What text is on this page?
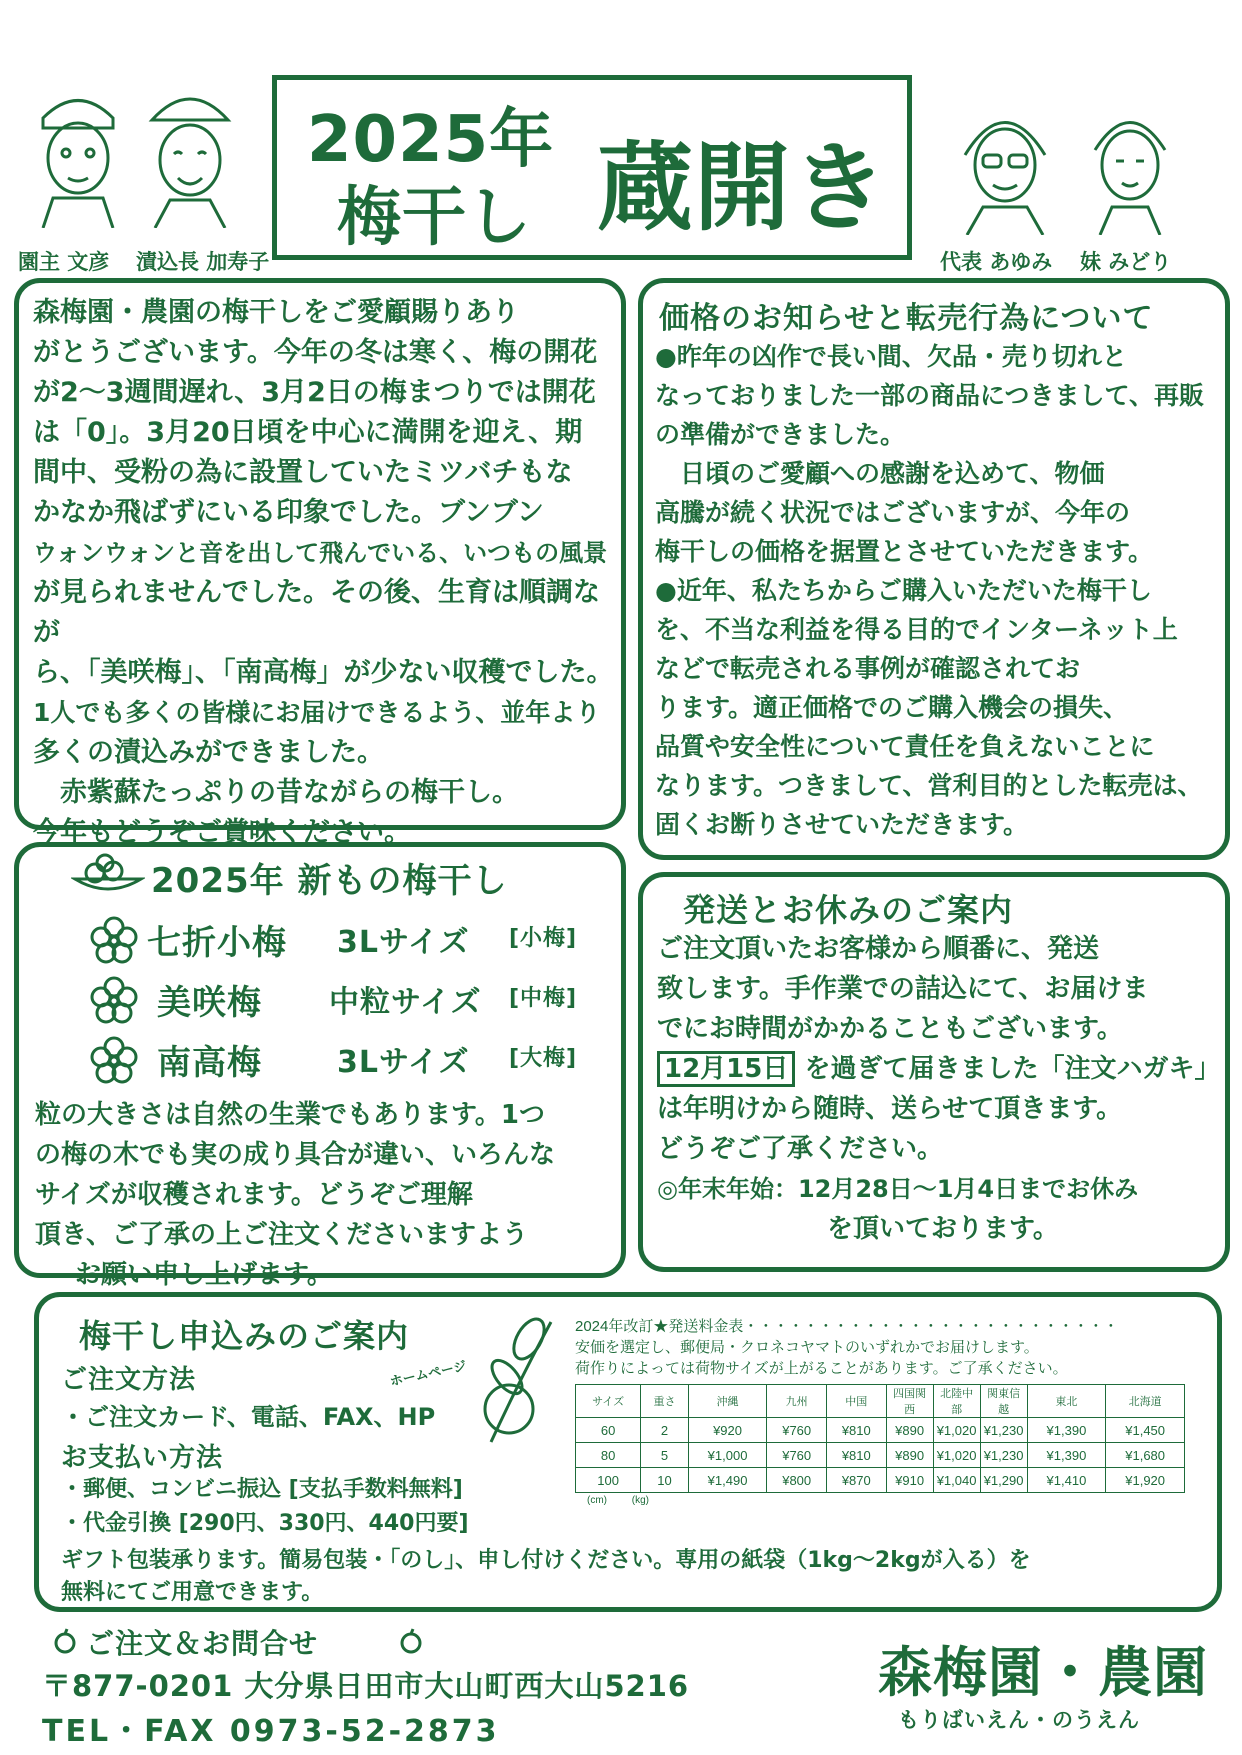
2025年
梅干し 蔵開き
園主 文彦 漬込長 加寿子	代表 あゆみ 妹 みどり
森梅園・農園の梅干しをご愛顧賜りあり
がとうございます。今年の冬は寒く、梅の開花
が2〜3週間遅れ、3月2日の梅まつりでは開花
は「0」。3月20日頃を中心に満開を迎え、期
間中、受粉の為に設置していたミツバチもな
かなか飛ばずにいる印象でした。ブンブン
ウォンウォンと音を出して飛んでいる、いつもの風景
が見られませんでした。その後、生育は順調なが
ら、「美咲梅」、「南高梅」が少ない収穫でした。
1人でも多くの皆様にお届けできるよう、並年より
多くの漬込みができました。
　赤紫蘇たっぷりの昔ながらの梅干し。
今年もどうぞご賞味ください。
価格のお知らせと転売行為について
●昨年の凶作で長い間、欠品・売り切れと
なっておりました一部の商品につきまして、再販
の準備ができました。
　日頃のご愛顧への感謝を込めて、物価
高騰が続く状況ではございますが、今年の
梅干しの価格を据置とさせていただきます。
●近年、私たちからご購入いただいた梅干し
を、不当な利益を得る目的でインターネット上
などで転売される事例が確認されてお
ります。適正価格でのご購入機会の損失、
品質や安全性について責任を負えないことに
なります。つきまして、営利目的とした転売は、
固くお断りさせていただきます。
2025年 新もの梅干し
七折小梅 3Lサイズ [小梅]
美咲梅 中粒サイズ [中梅]
南高梅	3Lサイズ [大梅]
粒の大きさは自然の生業でもあります。1つ
の梅の木でも実の成り具合が違い、いろんな
サイズが収穫されます。どうぞご理解
頂き、ご了承の上ご注文くださいますよう
お願い申し上げます。
発送とお休みのご案内
ご注文頂いたお客様から順番に、発送
致します。手作業での詰込にて、お届けま
でにお時間がかかることもございます。
12月15日 を過ぎて届きました「注文ハガキ」
は年明けから随時、送らせて頂きます。
どうぞご了承ください。
◎年末年始：12月28日〜1月4日までお休み
を頂いております。
梅干し申込みのご案内
ご注文方法
・ご注文カード、電話、FAX、HP
ホームページ
お支払い方法
・郵便、コンビニ振込 [支払手数料無料]
・代金引換 [290円、330円、440円要]
ギフト包装承ります。簡易包装・「のし」、申し付けください。専用の紙袋（1kg〜2kgが入る）を
無料にてご用意できます。
2024年改訂★発送料金表・・・・・・・・・・・・・・・・・・・・・・・・・
安価を選定し、郵便局・クロネコヤマトのいずれかでお届けします。
荷作りによっては荷物サイズが上がることがあります。ご了承ください。
サイズ	重さ	沖縄	九州	中国	四国関西	北陸中部	関東信越	東北	北海道
60	2	¥920	¥760	¥810	¥890	¥1,020	¥1,230	¥1,390	¥1,450
80	5	¥1,000	¥760	¥810	¥890	¥1,020	¥1,230	¥1,390	¥1,680
100	10	¥1,490	¥800	¥870	¥910	¥1,040	¥1,290	¥1,410	¥1,920
(cm) (kg)
ご注文＆お問合せ
〒877-0201 大分県日田市大山町西大山5216
TEL・FAX 0973-52-2873
森梅園・農園
もりばいえん・のうえん
